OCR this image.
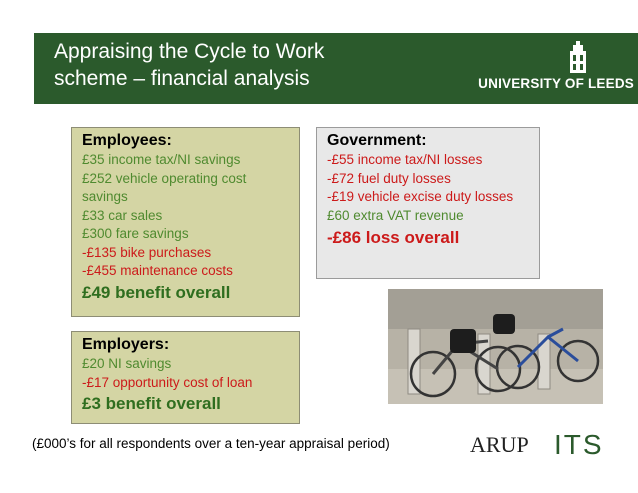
Appraising the Cycle to Work
scheme – financial analysis	UNIVERSITY OF LEEDS
Employees:
£35 income tax/NI savings
£252 vehicle operating cost savings
£33 car sales
£300 fare savings
-£135 bike purchases
-£455 maintenance costs
£49 benefit overall
Government:
-£55 income tax/NI losses
-£72 fuel duty losses
-£19 vehicle excise duty losses
£60 extra VAT revenue
-£86 loss overall
Employers:
£20 NI savings
-£17 opportunity cost of loan
£3 benefit overall
(£000’s for all respondents over a ten-year appraisal period)	ARUP ITS
